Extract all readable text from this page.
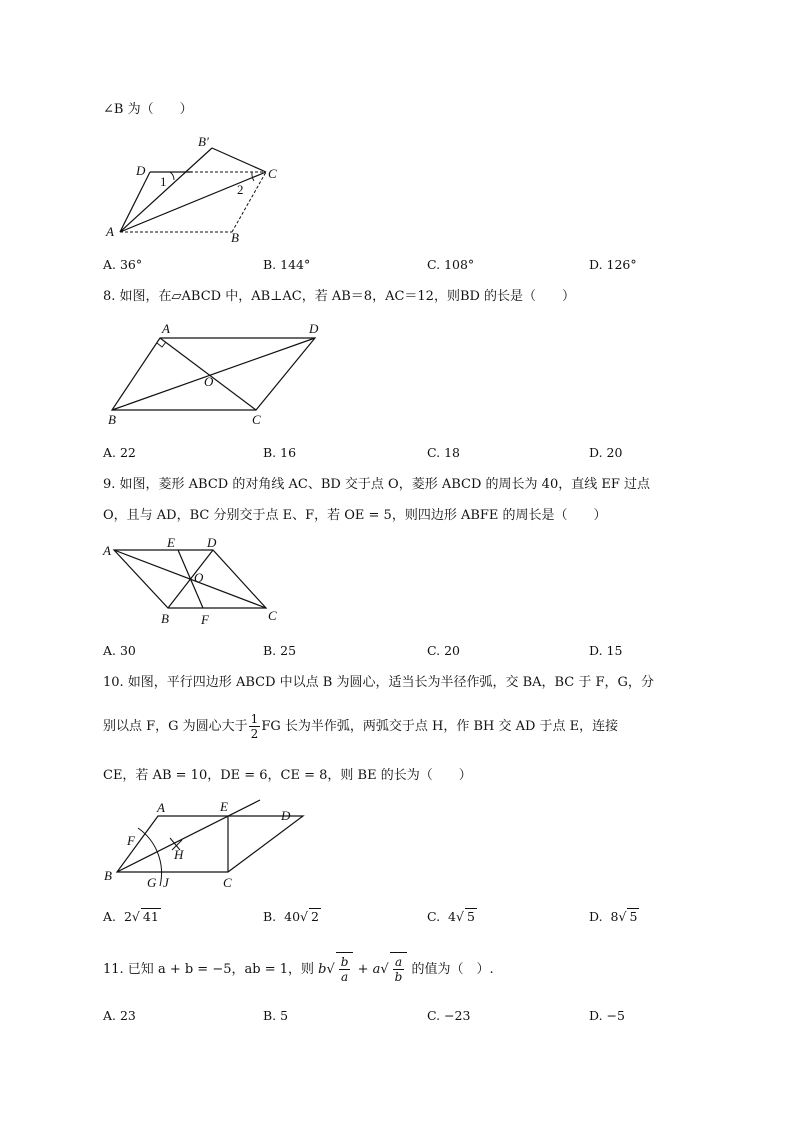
∠B 为（　　）
B′
D	C
A	B
1
2
A. 36°	B. 144°	C. 108°	D. 126°
8. 如图，在▱ABCD 中，AB⊥AC，若 AB＝8，AC＝12，则BD 的长是（　　）
A	D
O
B	C
A. 22	B. 16	C. 18	D. 20
9. 如图，菱形 ABCD 的对角线 AC、BD 交于点 O，菱形 ABCD 的周长为 40，直线 EF 过点
O，且与 AD，BC 分别交于点 E、F，若 OE = 5，则四边形 ABFE 的周长是（　　）
A
E D
O
B F	C
A. 30	B. 25	C. 20	D. 15
10. 如图，平行四边形 ABCD 中以点 B 为圆心，适当长为半径作弧，交 BA，BC 于 F，G，分
别以点 F，G 为圆心大于 $\frac{1}{2}$ FG 长为半作弧，两弧交于点 H，作 BH 交 AD 于点 E，连接
CE，若 AB = 10，DE = 6，CE = 8，则 BE 的长为（　　）
A	E
D
F
H
B	G J	C
A. 2√ 41	B. 40√ 2	C. 4√ 5	D. 8√ 5
11. 已知 a + b = −5，ab = 1，则 $b√ \frac{b}{a} + a√ \frac{a}{b}$ 的值为（　）.
A. 23	B. 5	C. −23	D. −5
